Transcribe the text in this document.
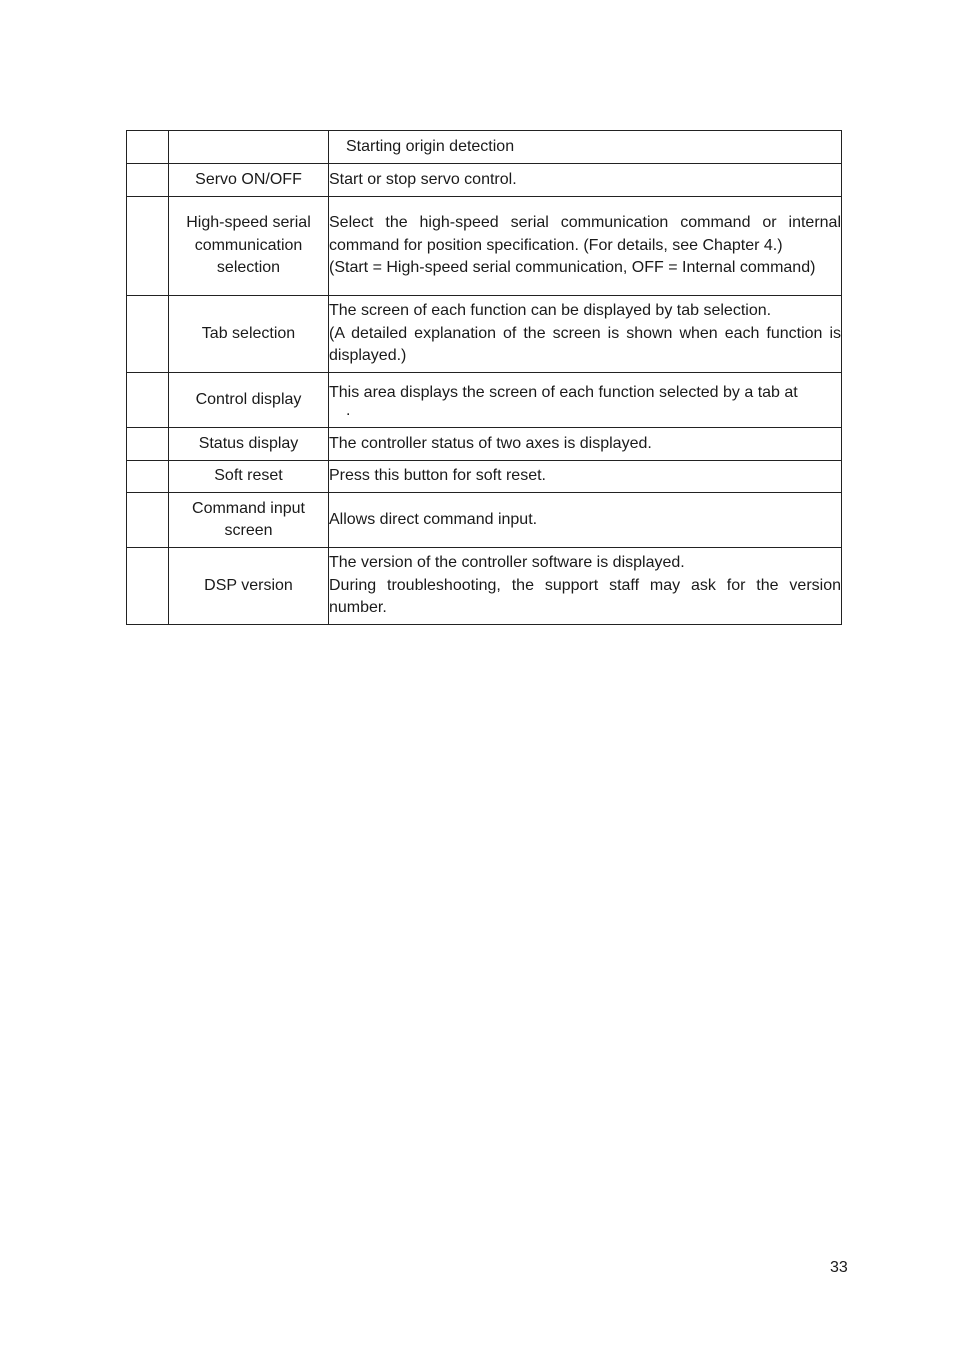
		Starting origin detection

	Servo ON/OFF	Start or stop servo control.

	High-speed serial communication selection	Select the high-speed serial communication command or internal command for position specification. (For details, see Chapter 4.)

(Start = High-speed serial communication, OFF = Internal command)

	Tab selection	The screen of each function can be displayed by tab selection.

(A detailed explanation of the screen is shown when each function is displayed.)

	Control display	This area displays the screen of each function selected by a tab at

.

	Status display	The controller status of two axes is displayed.

	Soft reset	Press this button for soft reset.

	Command input screen	Allows direct command input.

	DSP version	The version of the controller software is displayed.

During troubleshooting, the support staff may ask for the version number.

33
